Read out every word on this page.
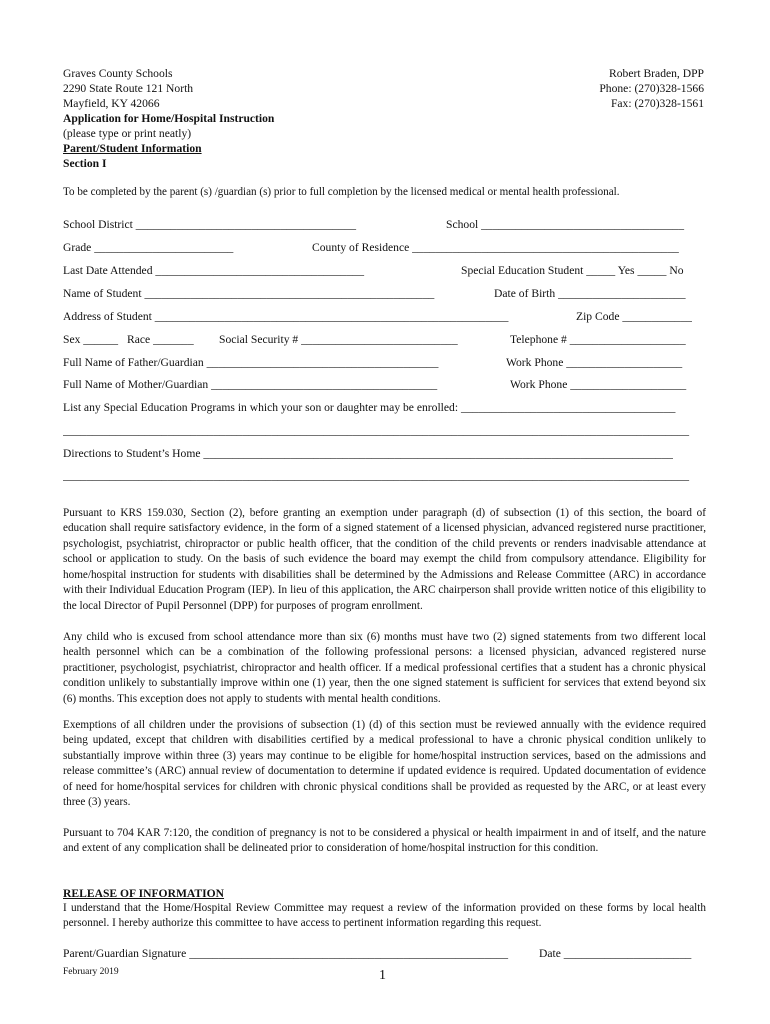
Graves County Schools
2290 State Route 121 North
Mayfield, KY 42066
Application for Home/Hospital Instruction
(please type or print neatly)
Parent/Student Information
Section I
Robert Braden, DPP
Phone: (270)328-1566
Fax: (270)328-1561
To be completed by the parent (s) /guardian (s) prior to full completion by the licensed medical or mental health professional.
School District ______________________________________	School ___________________________________
Grade ________________________	County of Residence ______________________________________________
Last Date Attended ____________________________________	Special Education Student _____ Yes _____ No
Name of Student __________________________________________________	Date of Birth ______________________
Address of Student _____________________________________________________________	Zip Code ____________
Sex ______ Race _______ Social Security # ___________________________	Telephone # ____________________
Full Name of Father/Guardian ________________________________________	Work Phone ____________________
Full Name of Mother/Guardian _______________________________________	Work Phone ____________________
List any Special Education Programs in which your son or daughter may be enrolled: _____________________________________
____________________________________________________________________________________________________________
Directions to Student’s Home _________________________________________________________________________________
____________________________________________________________________________________________________________

Pursuant to KRS 159.030, Section (2), before granting an exemption under paragraph (d) of subsection (1) of this section, the board of education shall require satisfactory evidence, in the form of a signed statement of a licensed physician, advanced registered nurse practitioner, psychologist, psychiatrist, chiropractor or public health officer, that the condition of the child prevents or renders inadvisable attendance at school or application to study. On the basis of such evidence the board may exempt the child from compulsory attendance. Eligibility for home/hospital instruction for students with disabilities shall be determined by the Admissions and Release Committee (ARC) in accordance with their Individual Education Program (IEP). In lieu of this application, the ARC chairperson shall provide written notice of this eligibility to the local Director of Pupil Personnel (DPP) for purposes of program enrollment.

Any child who is excused from school attendance more than six (6) months must have two (2) signed statements from two different local health personnel which can be a combination of the following professional persons: a licensed physician, advanced registered nurse practitioner, psychologist, psychiatrist, chiropractor and health officer. If a medical professional certifies that a student has a chronic physical condition unlikely to substantially improve within one (1) year, then the one signed statement is sufficient for services that extend beyond six (6) months. This exception does not apply to students with mental health conditions.

Exemptions of all children under the provisions of subsection (1) (d) of this section must be reviewed annually with the evidence required being updated, except that children with disabilities certified by a medical professional to have a chronic physical condition unlikely to substantially improve within three (3) years may continue to be eligible for home/hospital instruction services, based on the admissions and release committee’s (ARC) annual review of documentation to determine if updated evidence is required. Updated documentation of evidence of need for home/hospital services for children with chronic physical conditions shall be provided as requested by the ARC, or at least every three (3) years.

Pursuant to 704 KAR 7:120, the condition of pregnancy is not to be considered a physical or health impairment in and of itself, and the nature and extent of any complication shall be delineated prior to consideration of home/hospital instruction for this condition.

RELEASE OF INFORMATION

I understand that the Home/Hospital Review Committee may request a review of the information provided on these forms by local health personnel. I hereby authorize this committee to have access to pertinent information regarding this request.

Parent/Guardian Signature _______________________________________________________	Date ______________________
February 2019	1
